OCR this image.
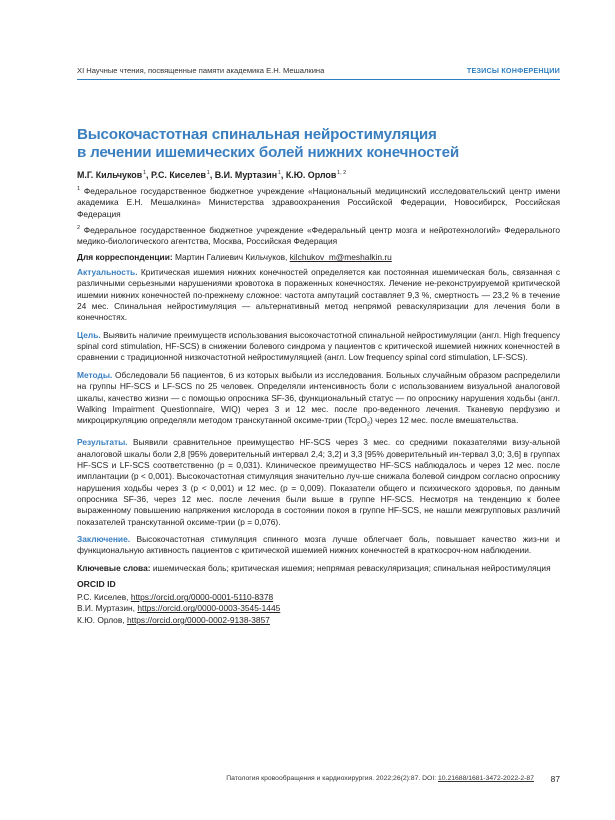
XI Научные чтения, посвященные памяти академика Е.Н. Мешалкина	ТЕЗИСЫ КОНФЕРЕНЦИИ
Высокочастотная спинальная нейростимуляция
в лечении ишемических болей нижних конечностей
М.Г. Кильчуков $^1$, Р.С. Киселев $^1$, В.И. Муртазин $^1$, К.Ю. Орлов $^{1, 2}$
$^1$ Федеральное государственное бюджетное учреждение «Национальный медицинский исследовательский центр имени академика Е.Н. Мешалкина» Министерства здравоохранения Российской Федерации, Новосибирск, Российская Федерация
$^2$ Федеральное государственное бюджетное учреждение «Федеральный центр мозга и нейротехнологий» Федерального медико-биологического агентства, Москва, Российская Федерация
Для корреспонденции: Мартин Галиевич Кильчуков, kilchukov_m@meshalkin.ru
Актуальность. Критическая ишемия нижних конечностей определяется как постоянная ишемическая боль, связанная с различными серьезными нарушениями кровотока в пораженных конечностях. Лечение не-реконструируемой критической ишемии нижних конечностей по-прежнему сложное: частота ампутаций составляет 9,3 %, смертность — 23,2 % в течение 24 мес. Спинальная нейростимуляция — альтернативный метод непрямой реваскуляризации для лечения боли в конечностях.
Цель. Выявить наличие преимуществ использования высокочастотной спинальной нейростимуляции (англ. High frequency spinal cord stimulation, HF-SCS) в снижении болевого синдрома у пациентов с критической ишемией нижних конечностей в сравнении с традиционной низкочастотной нейростимуляцией (англ. Low frequency spinal cord stimulation, LF-SCS).
Методы. Обследовали 56 пациентов, 6 из которых выбыли из исследования. Больных случайным образом распределили на группы HF-SCS и LF-SCS по 25 человек. Определяли интенсивность боли с использованием визуальной аналоговой шкалы, качество жизни — с помощью опросника SF-36, функциональный статус — по опроснику нарушения ходьбы (англ. Walking Impairment Questionnaire, WIQ) через 3 и 12 мес. после про-веденного лечения. Тканевую перфузию и микроциркуляцию определяли методом транскутанной оксиме-трии (TcpO$_2$) через 12 мес. после вмешательства.
Результаты. Выявили сравнительное преимущество HF-SCS через 3 мес. со средними показателями визу-альной аналоговой шкалы боли 2,8 [95% доверительный интервал 2,4; 3,2] и 3,3 [95% доверительный ин-тервал 3,0; 3,6] в группах HF-SCS и LF-SCS соответственно (p = 0,031). Клиническое преимущество HF-SCS наблюдалось и через 12 мес. после имплантации (p < 0,001). Высокочастотная стимуляция значительно луч-ше снижала болевой синдром согласно опроснику нарушения ходьбы через 3 (p < 0,001) и 12 мес. (p = 0,009). Показатели общего и психического здоровья, по данным опросника SF-36, через 12 мес. после лечения были выше в группе HF-SCS. Несмотря на тенденцию к более выраженному повышению напряжения кислорода в состоянии покоя в группе HF-SCS, не нашли межгрупповых различий показателей транскутанной оксиме-трии (p = 0,076).
Заключение. Высокочастотная стимуляция спинного мозга лучше облегчает боль, повышает качество жиз-ни и функциональную активность пациентов с критической ишемией нижних конечностей в краткосроч-ном наблюдении.
Ключевые слова: ишемическая боль; критическая ишемия; непрямая реваскуляризация; спинальная нейростимуляция
ORCID ID
Р.С. Киселев, https://orcid.org/0000-0001-5110-8378
В.И. Муртазин, https://orcid.org/0000-0003-3545-1445
К.Ю. Орлов, https://orcid.org/0000-0002-9138-3857
Патология кровообращения и кардиохирургия. 2022;26(2):87. DOI: 10.21688/1681-3472-2022-2-87 87
